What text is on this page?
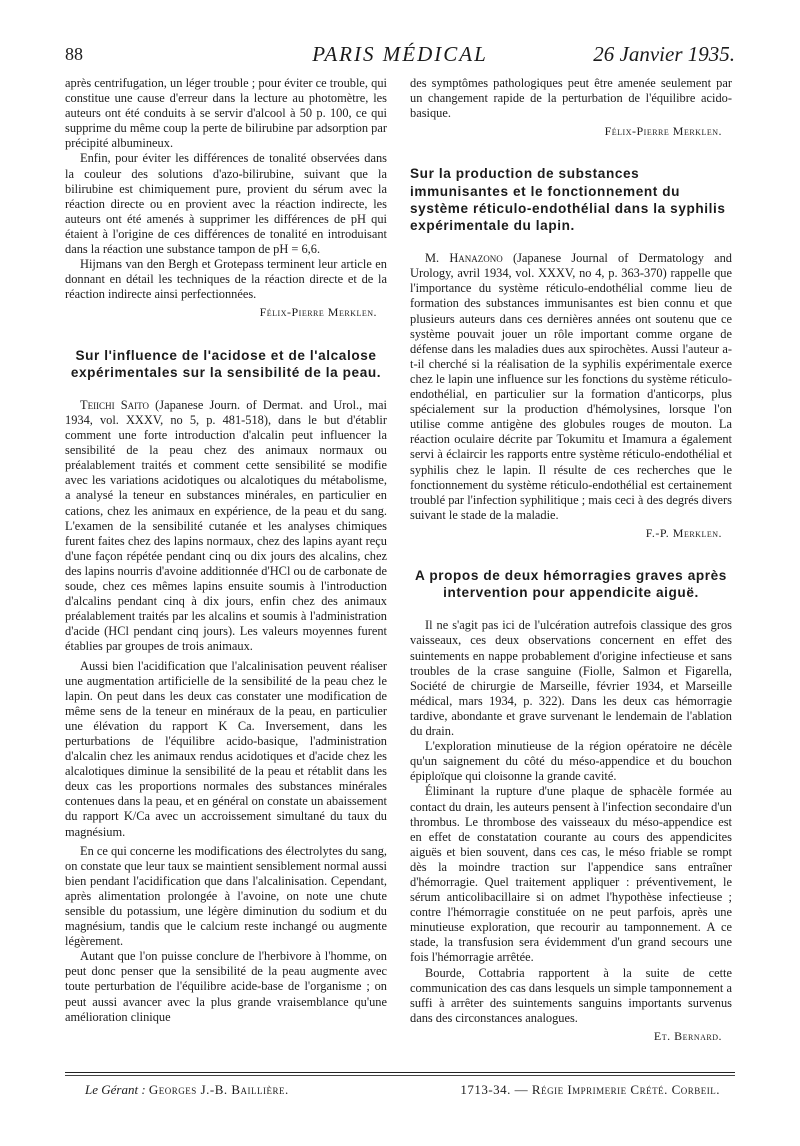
88	PARIS MÉDICAL	26 Janvier 1935.

après centrifugation, un léger trouble ; pour éviter ce trouble, qui constitue une cause d'erreur dans la lecture au photomètre, les auteurs ont été conduits à se servir d'alcool à 50 p. 100, ce qui supprime du même coup la perte de bilirubine par adsorption par précipité albumineux.

Enfin, pour éviter les différences de tonalité observées dans la couleur des solutions d'azo-bilirubine, suivant que la bilirubine est chimiquement pure, provient du sérum avec la réaction directe ou en provient avec la réaction indirecte, les auteurs ont été amenés à supprimer les différences de pH qui étaient à l'origine de ces différences de tonalité en introduisant dans la réaction une substance tampon de pH = 6,6.

Hijmans van den Bergh et Grotepass terminent leur article en donnant en détail les techniques de la réaction directe et de la réaction indirecte ainsi perfectionnées.

Félix-Pierre Merklen.
Sur l'influence de l'acidose et de l'alcalose expérimentales sur la sensibilité de la peau.

Teiichi Saito (Japanese Journ. of Dermat. and Urol., mai 1934, vol. XXXV, no 5, p. 481-518), dans le but d'établir comment une forte introduction d'alcalin peut influencer la sensibilité de la peau chez des animaux normaux ou préalablement traités et comment cette sensibilité se modifie avec les variations acidotiques ou alcalotiques du métabolisme, a analysé la teneur en substances minérales, en particulier en cations, chez les animaux en expérience, de la peau et du sang. L'examen de la sensibilité cutanée et les analyses chimiques furent faites chez des lapins normaux, chez des lapins ayant reçu d'une façon répétée pendant cinq ou dix jours des alcalins, chez des lapins nourris d'avoine additionnée d'HCl ou de carbonate de soude, chez ces mêmes lapins ensuite soumis à l'introduction d'alcalins pendant cinq à dix jours, enfin chez des animaux préalablement traités par les alcalins et soumis à l'administration d'acide (HCl pendant cinq jours). Les valeurs moyennes furent établies par groupes de trois animaux.

Aussi bien l'acidification que l'alcalinisation peuvent réaliser une augmentation artificielle de la sensibilité de la peau chez le lapin. On peut dans les deux cas constater une modification de même sens de la teneur en minéraux de la peau, en particulier une élévation du rapport K Ca. Inversement, dans les perturbations de l'équilibre acido-basique, l'administration d'alcalin chez les animaux rendus acidotiques et d'acide chez les alcalotiques diminue la sensibilité de la peau et rétablit dans les deux cas les proportions normales des substances minérales contenues dans la peau, et en général on constate un abaissement du rapport K/Ca avec un accroissement simultané du taux du magnésium.

En ce qui concerne les modifications des électrolytes du sang, on constate que leur taux se maintient sensiblement normal aussi bien pendant l'acidification que dans l'alcalinisation. Cependant, après alimentation prolongée à l'avoine, on note une chute sensible du potassium, une légère diminution du sodium et du magnésium, tandis que le calcium reste inchangé ou augmente légèrement.

Autant que l'on puisse conclure de l'herbivore à l'homme, on peut donc penser que la sensibilité de la peau augmente avec toute perturbation de l'équilibre acide-base de l'organisme ; on peut aussi avancer avec la plus grande vraisemblance qu'une amélioration clinique

des symptômes pathologiques peut être amenée seulement par un changement rapide de la perturbation de l'équilibre acido-basique.

Félix-Pierre Merklen.
Sur la production de substances immunisantes et le fonctionnement du système réticulo-endothélial dans la syphilis expérimentale du lapin.

M. Hanazono (Japanese Journal of Dermatology and Urology, avril 1934, vol. XXXV, no 4, p. 363-370) rappelle que l'importance du système réticulo-endothélial comme lieu de formation des substances immunisantes est bien connu et que plusieurs auteurs dans ces dernières années ont soutenu que ce système pouvait jouer un rôle important comme organe de défense dans les maladies dues aux spirochètes. Aussi l'auteur a-t-il cherché si la réalisation de la syphilis expérimentale exerce chez le lapin une influence sur les fonctions du système réticulo-endothélial, en particulier sur la formation d'anticorps, plus spécialement sur la production d'hémolysines, lorsque l'on utilise comme antigène des globules rouges de mouton. La réaction oculaire décrite par Tokumitu et Imamura a également servi à éclaircir les rapports entre système réticulo-endothélial et syphilis chez le lapin. Il résulte de ces recherches que le fonctionnement du système réticulo-endothélial est certainement troublé par l'infection syphilitique ; mais ceci à des degrés divers suivant le stade de la maladie.

F.-P. Merklen.
A propos de deux hémorragies graves après intervention pour appendicite aiguë.

Il ne s'agit pas ici de l'ulcération autrefois classique des gros vaisseaux, ces deux observations concernent en effet des suintements en nappe probablement d'origine infectieuse et sans troubles de la crase sanguine (Fiolle, Salmon et Figarella, Société de chirurgie de Marseille, février 1934, et Marseille médical, mars 1934, p. 322). Dans les deux cas hémorragie tardive, abondante et grave survenant le lendemain de l'ablation du drain.

L'exploration minutieuse de la région opératoire ne décèle qu'un saignement du côté du méso-appendice et du bouchon épiploïque qui cloisonne la grande cavité.

Éliminant la rupture d'une plaque de sphacèle formée au contact du drain, les auteurs pensent à l'infection secondaire d'un thrombus. Le thrombose des vaisseaux du méso-appendice est en effet de constatation courante au cours des appendicites aiguës et bien souvent, dans ces cas, le méso friable se rompt dès la moindre traction sur l'appendice sans entraîner d'hémorragie. Quel traitement appliquer : préventivement, le sérum anticolibacillaire si on admet l'hypothèse infectieuse ; contre l'hémorragie constituée on ne peut parfois, après une minutieuse exploration, que recourir au tamponnement. A ce stade, la transfusion sera évidemment d'un grand secours une fois l'hémorragie arrêtée.

Bourde, Cottabria rapportent à la suite de cette communication des cas dans lesquels un simple tamponnement a suffi à arrêter des suintements sanguins importants survenus dans des circonstances analogues.

Et. Bernard.
Le Gérant : Georges J.-B. Baillière.	1713-34. — Régie Imprimerie Crété. Corbeil.
